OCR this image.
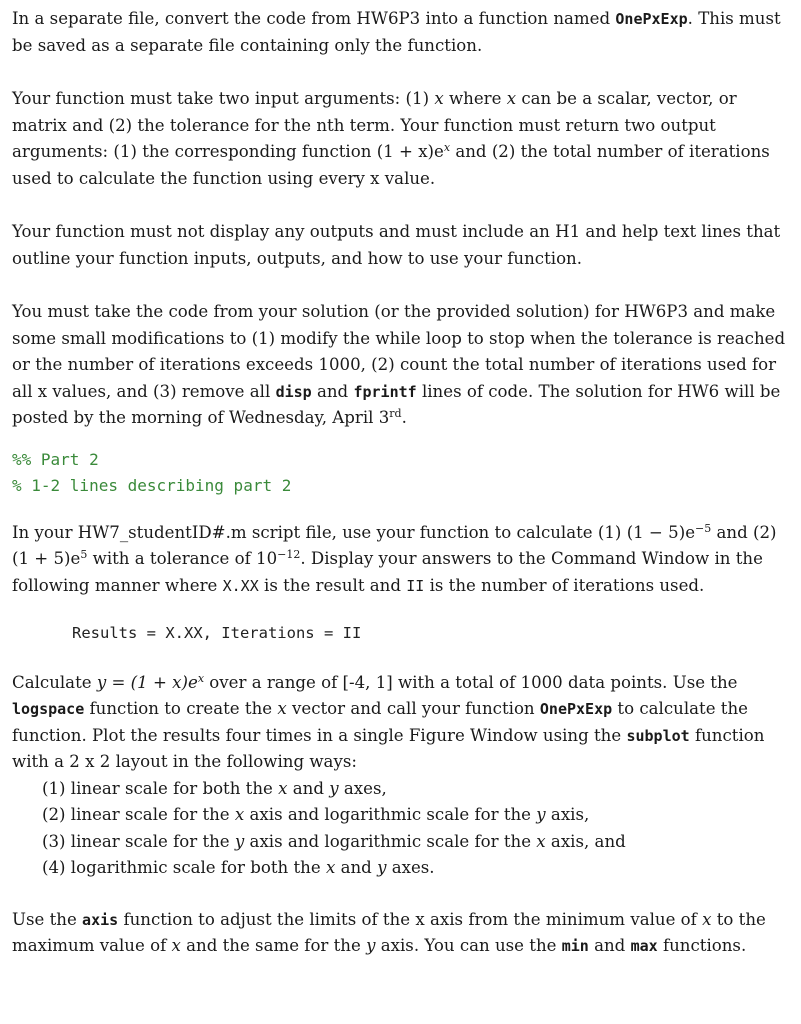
In a separate file, convert the code from HW6P3 into a function named OnePxExp. This must be saved as a separate file containing only the function.

Your function must take two input arguments: (1) x where x can be a scalar, vector, or matrix and (2) the tolerance for the nth term. Your function must return two output arguments: (1) the corresponding function $(1 + x)e^x$ and (2) the total number of iterations used to calculate the function using every x value.

Your function must not display any outputs and must include an H1 and help text lines that outline your function inputs, outputs, and how to use your function.

You must take the code from your solution (or the provided solution) for HW6P3 and make some small modifications to (1) modify the while loop to stop when the tolerance is reached or the number of iterations exceeds 1000, (2) count the total number of iterations used for all x values, and (3) remove all disp and fprintf lines of code. The solution for HW6 will be posted by the morning of Wednesday, April 3rd.

%% Part 2

% 1-2 lines describing part 2

In your HW7_studentID#.m script file, use your function to calculate (1) $(1 - 5)e^{-5}$ and (2) $(1 + 5)e^5$ with a tolerance of $10^{-12}$. Display your answers to the Command Window in the following manner where X.XX is the result and II is the number of iterations used.

Results = X.XX, Iterations = II

Calculate $y = (1 + x)e^x$ over a range of [-4, 1] with a total of 1000 data points. Use the logspace function to create the x vector and call your function OnePxExp to calculate the function. Plot the results four times in a single Figure Window using the subplot function with a 2 x 2 layout in the following ways:

(1) linear scale for both the x and y axes,
(2) linear scale for the x axis and logarithmic scale for the y axis,
(3) linear scale for the y axis and logarithmic scale for the x axis, and
(4) logarithmic scale for both the x and y axes.

Use the axis function to adjust the limits of the x axis from the minimum value of x to the maximum value of x and the same for the y axis. You can use the min and max functions.
